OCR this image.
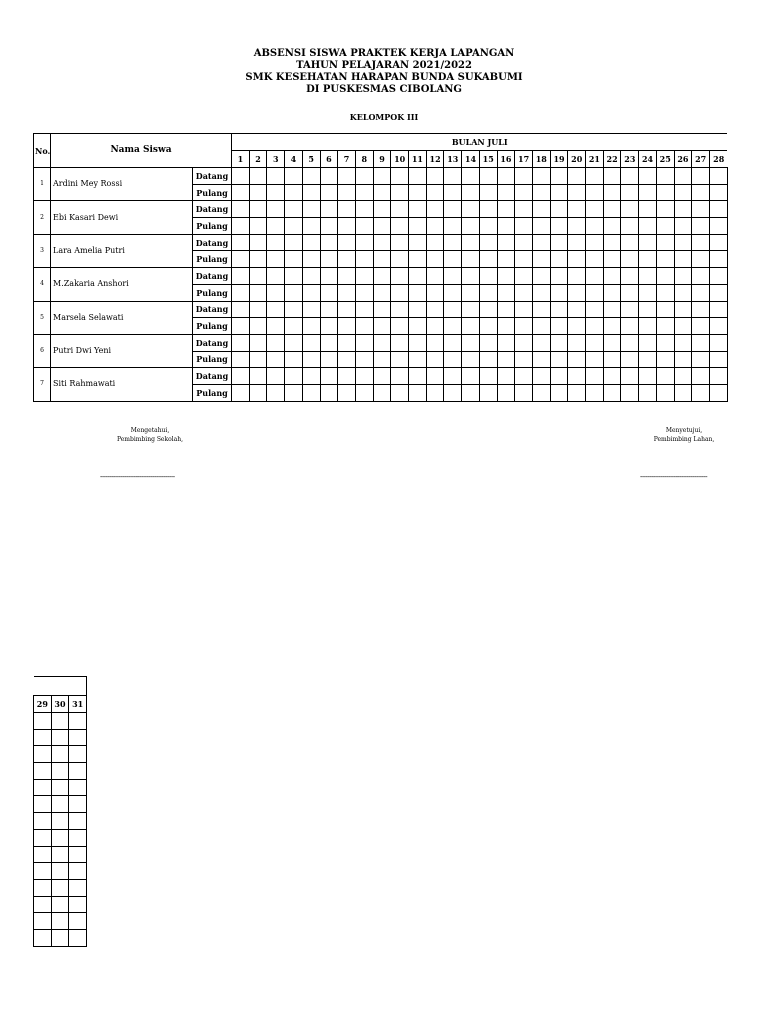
ABSENSI SISWA PRAKTEK KERJA LAPANGAN
TAHUN PELAJARAN 2021/2022
SMK KESEHATAN HARAPAN BUNDA SUKABUMI
DI PUSKESMAS CIBOLANG
KELOMPOK III
No.	Nama Siswa		BULAN JULI																											
			1	2	3	4	5	6	7	8	9	10	11	12	13	14	15	16	17	18	19	20	21	22	23	24	25	26	27	28
1	Ardini Mey Rossi	Datang																												
		Pulang																												
2	Ebi Kasari Dewi	Datang																												
		Pulang																												
3	Lara Amelia Putri	Datang																												
		Pulang																												
4	M.Zakaria Anshori	Datang																												
		Pulang																												
5	Marsela Selawati	Datang																												
		Pulang																												
6	Putri Dwi Yeni	Datang																												
		Pulang																												
7	Siti Rahmawati	Datang																												
		Pulang																												
Mengetahui,
Pembimbing Sekolah,
----------------------------------------
Menyetujui,
Pembimbing Lahan,
------------------------------------

29	30	31
